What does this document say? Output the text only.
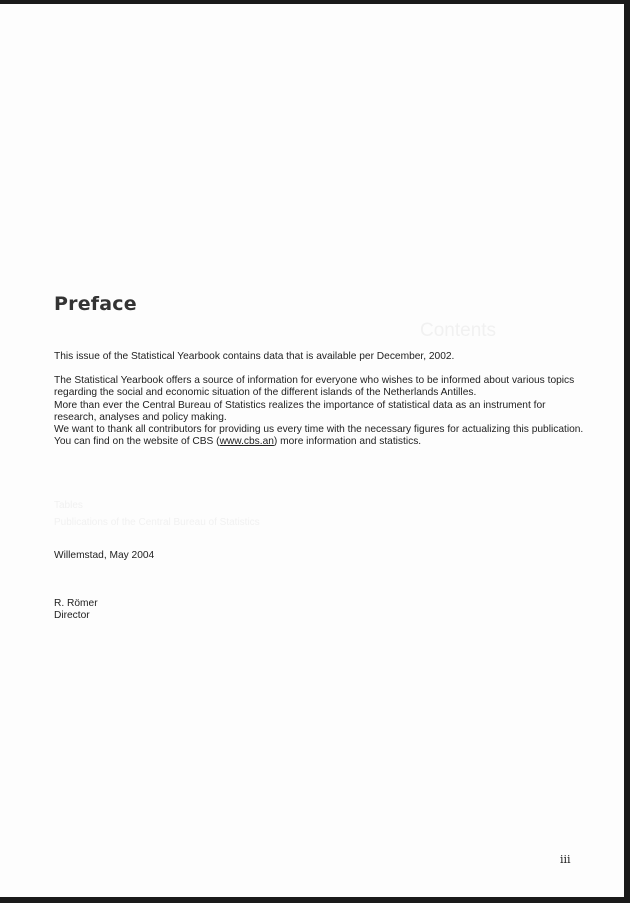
Contents
Tables
Publications of the Central Bureau of Statistics
Preface

This issue of the Statistical Yearbook contains data that is available per December, 2002.

The Statistical Yearbook offers a source of information for everyone who wishes to be informed about various topics regarding the social and economic situation of the different islands of the Netherlands Antilles.

More than ever the Central Bureau of Statistics realizes the importance of statistical data as an instrument for research, analyses and policy making.

We want to thank all contributors for providing us every time with the necessary figures for actualizing this publication.

You can find on the website of CBS (www.cbs.an) more information and statistics.

Willemstad, May 2004
R. Römer
Director
iii
